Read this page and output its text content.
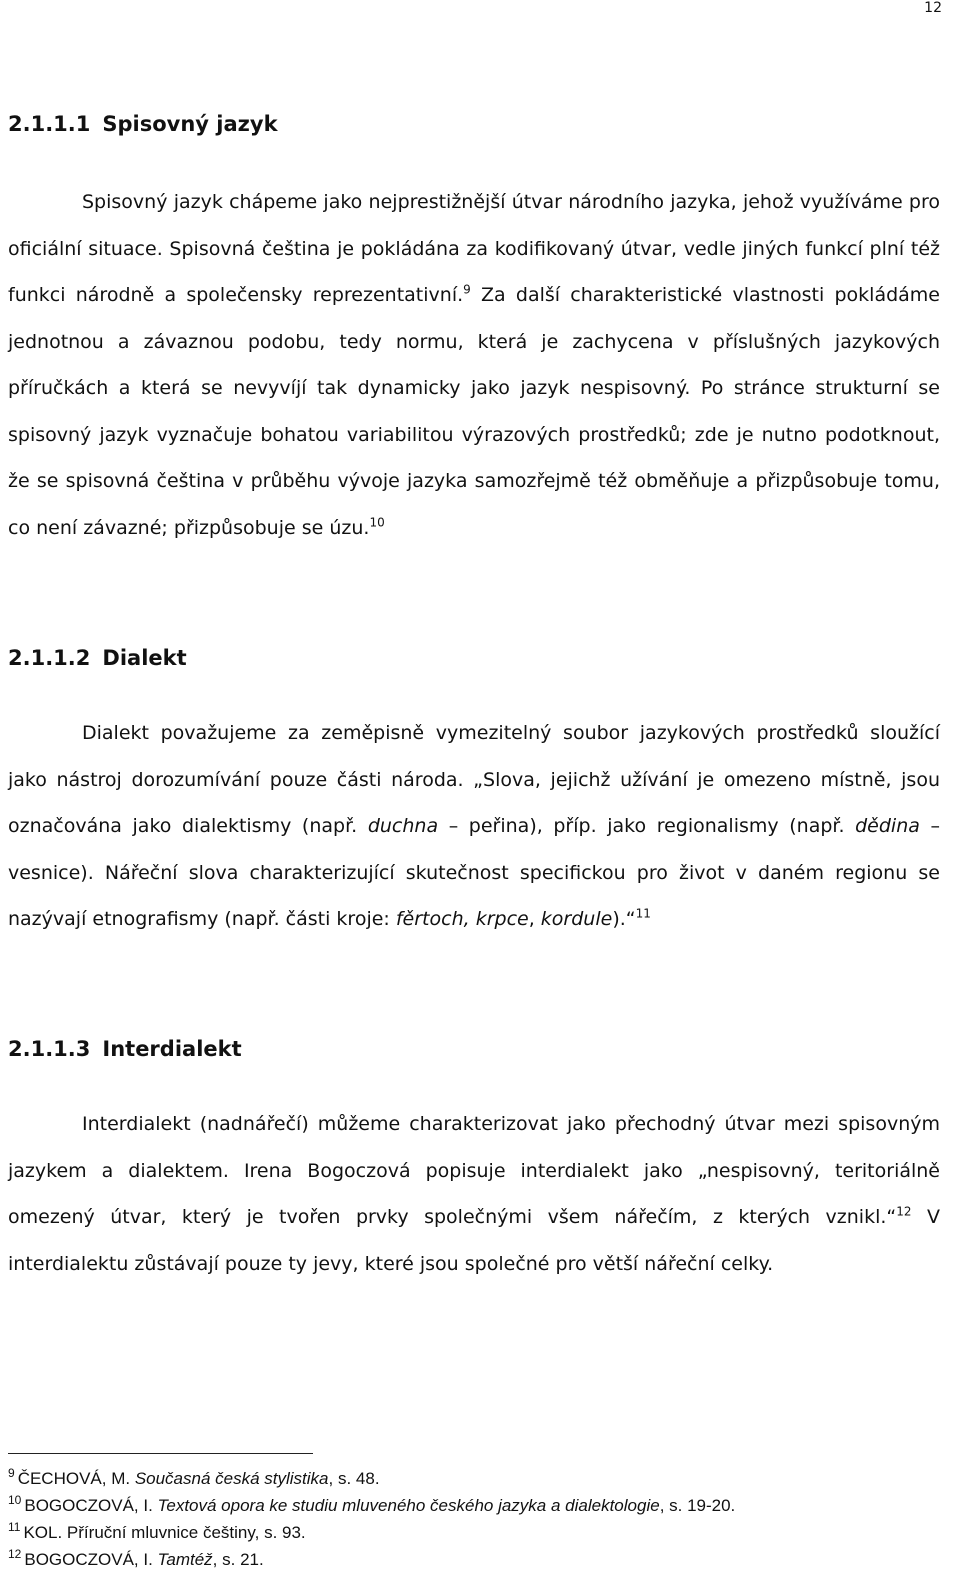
12
2.1.1.1 Spisovný jazyk

Spisovný jazyk chápeme jako nejprestižnější útvar národního jazyka, jehož využíváme pro oficiální situace. Spisovná čeština je pokládána za kodifikovaný útvar, vedle jiných funkcí plní též funkci národně a společensky reprezentativní.$^9$ Za další charakteristické vlastnosti pokládáme jednotnou a závaznou podobu, tedy normu, která je zachycena v příslušných jazykových příručkách a která se nevyvíjí tak dynamicky jako jazyk nespisovný. Po stránce strukturní se spisovný jazyk vyznačuje bohatou variabilitou výrazových prostředků; zde je nutno podotknout, že se spisovná čeština v průběhu vývoje jazyka samozřejmě též obměňuje a přizpůsobuje tomu, co není závazné; přizpůsobuje se úzu.$^{10}$

2.1.1.2 Dialekt

Dialekt považujeme za zeměpisně vymezitelný soubor jazykových prostředků sloužící jako nástroj dorozumívání pouze části národa. „Slova, jejichž užívání je omezeno místně, jsou označována jako dialektismy (např. duchna – peřina), příp. jako regionalismy (např. dědina – vesnice). Nářeční slova charakterizující skutečnost specifickou pro život v daném regionu se nazývají etnografismy (např. části kroje: fěrtoch, krpce, kordule).“$^{11}$

2.1.1.3 Interdialekt

Interdialekt (nadnářečí) můžeme charakterizovat jako přechodný útvar mezi spisovným jazykem a dialektem. Irena Bogoczová popisuje interdialekt jako „nespisovný, teritoriálně omezený útvar, který je tvořen prvky společnými všem nářečím, z kterých vznikl.“$^{12}$ V interdialektu zůstávají pouze ty jevy, které jsou společné pro větší nářeční celky.

$^9$ ČECHOVÁ, M. Současná česká stylistika, s. 48.
$^{10}$ BOGOCZOVÁ, I. Textová opora ke studiu mluveného českého jazyka a dialektologie, s. 19-20.
$^{11}$ KOL. Příruční mluvnice češtiny, s. 93.
$^{12}$ BOGOCZOVÁ, I. Tamtéž, s. 21.
